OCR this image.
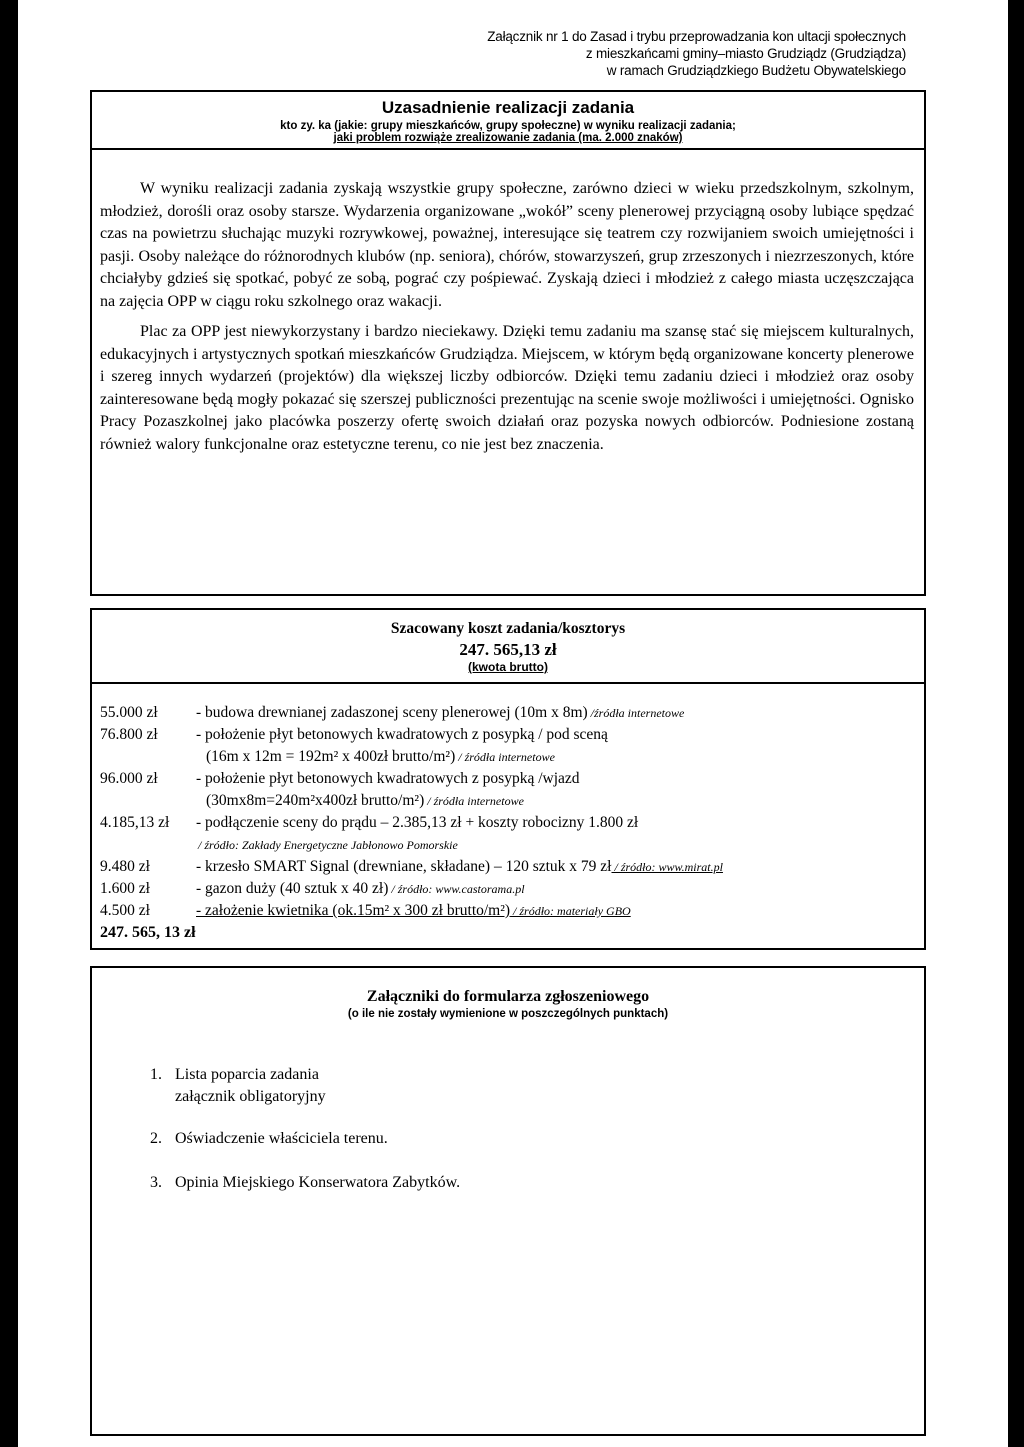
Załącznik nr 1 do Zasad i trybu przeprowadzania kon ultacji społecznych
z mieszkańcami gminy–miasto Grudziądz (Grudziądza)
w ramach Grudziądzkiego Budżetu Obywatelskiego
Uzasadnienie realizacji zadania
kto zy. ka (jakie: grupy mieszkańców, grupy społeczne) w wyniku realizacji zadania;
jaki problem rozwiąże zrealizowanie zadania (ma. 2.000 znaków)

W wyniku realizacji zadania zyskają wszystkie grupy społeczne, zarówno dzieci w wieku przedszkolnym, szkolnym, młodzież, dorośli oraz osoby starsze. Wydarzenia organizowane „wokół” sceny plenerowej przyciągną osoby lubiące spędzać czas na powietrzu słuchając muzyki rozrywkowej, poważnej, interesujące się teatrem czy rozwijaniem swoich umiejętności i pasji. Osoby należące do różnorodnych klubów (np. seniora), chórów, stowarzyszeń, grup zrzeszonych i niezrzeszonych, które chciałyby gdzieś się spotkać, pobyć ze sobą, pograć czy pośpiewać. Zyskają dzieci i młodzież z całego miasta uczęszczająca na zajęcia OPP w ciągu roku szkolnego oraz wakacji.

Plac za OPP jest niewykorzystany i bardzo nieciekawy. Dzięki temu zadaniu ma szansę stać się miejscem kulturalnych, edukacyjnych i artystycznych spotkań mieszkańców Grudziądza. Miejscem, w którym będą organizowane koncerty plenerowe i szereg innych wydarzeń (projektów) dla większej liczby odbiorców. Dzięki temu zadaniu dzieci i młodzież oraz osoby zainteresowane będą mogły pokazać się szerszej publiczności prezentując na scenie swoje możliwości i umiejętności. Ognisko Pracy Pozaszkolnej jako placówka poszerzy ofertę swoich działań oraz pozyska nowych odbiorców. Podniesione zostaną również walory funkcjonalne oraz estetyczne terenu, co nie jest bez znaczenia.

Szacowany koszt zadania/kosztorys
247. 565,13 zł
(kwota brutto)
55.000 zł - budowa drewnianej zadaszonej sceny plenerowej (10m x 8m) /źródła internetowe
76.800 zł - położenie płyt betonowych kwadratowych z posypką / pod sceną
(16m x 12m = 192m² x 400zł brutto/m²) / źródła internetowe
96.000 zł - położenie płyt betonowych kwadratowych z posypką /wjazd
(30mx8m=240m²x400zł brutto/m²) / źródła internetowe
4.185,13 zł - podłączenie sceny do prądu – 2.385,13 zł + koszty robocizny 1.800 zł
/ źródło: Zakłady Energetyczne Jabłonowo Pomorskie
9.480 zł	- krzesło SMART Signal (drewniane, składane) – 120 sztuk x 79 zł / źródło: www.mirat.pl
1.600 zł	- gazon duży (40 sztuk x 40 zł) / źródło: www.castorama.pl
4.500 zł	- założenie kwietnika (ok.15m² x 300 zł brutto/m²) / źródło: materiały GBO
247. 565, 13 zł
Załączniki do formularza zgłoszeniowego
(o ile nie zostały wymienione w poszczególnych punktach)
1. Lista poparcia zadania
załącznik obligatoryjny
2. Oświadczenie właściciela terenu.
3. Opinia Miejskiego Konserwatora Zabytków.
